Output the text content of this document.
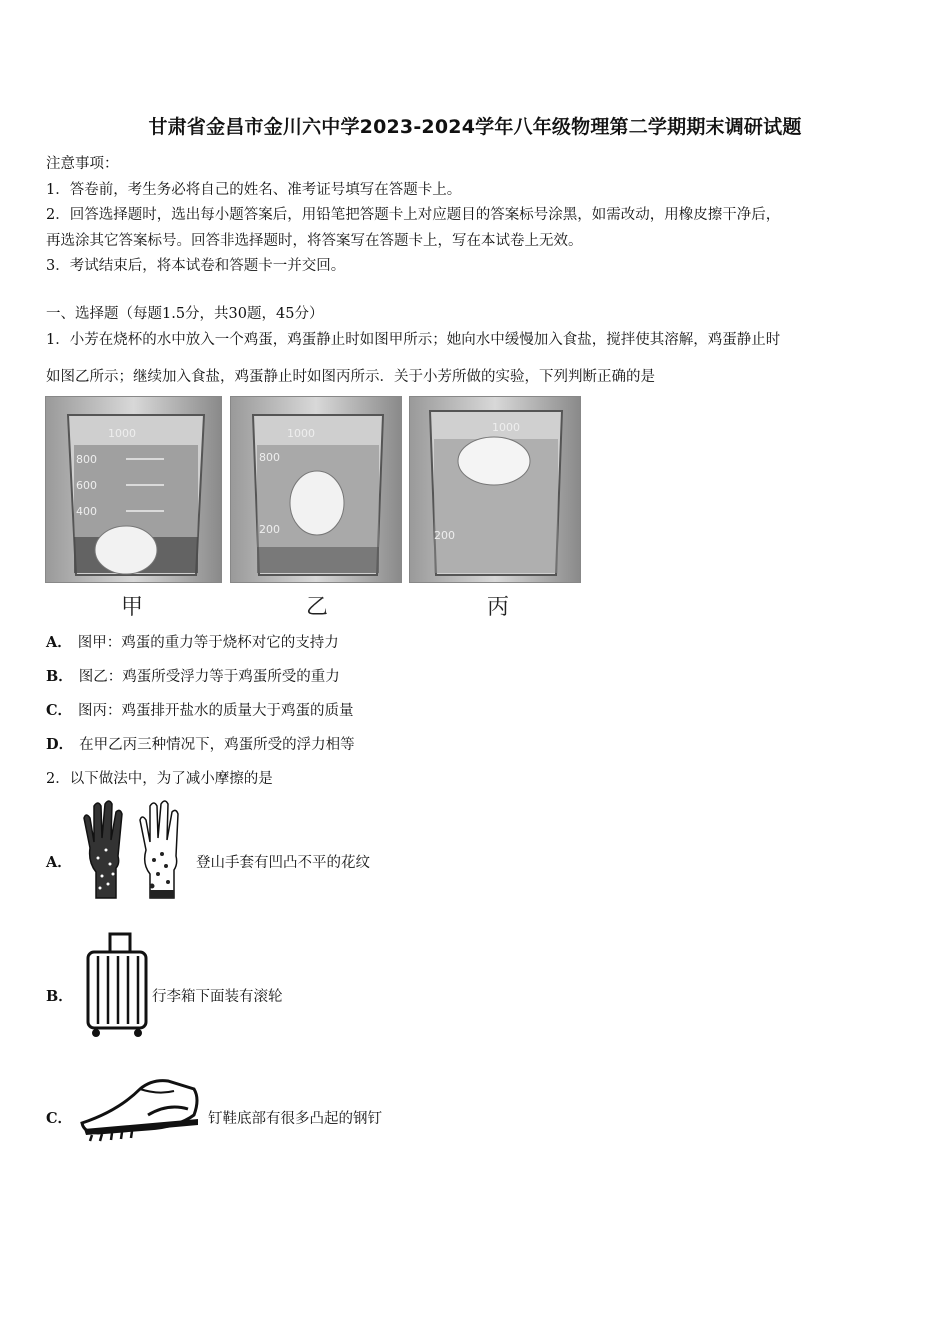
甘肃省金昌市金川六中学2023-2024学年八年级物理第二学期期末调研试题
注意事项：
1．答卷前，考生务必将自己的姓名、准考证号填写在答题卡上。
2．回答选择题时，选出每小题答案后，用铅笔把答题卡上对应题目的答案标号涂黑，如需改动，用橡皮擦干净后，
再选涂其它答案标号。回答非选择题时，将答案写在答题卡上，写在本试卷上无效。
3．考试结束后，将本试卷和答题卡一并交回。
一、选择题（每题1.5分，共30题，45分）
1．小芳在烧杯的水中放入一个鸡蛋，鸡蛋静止时如图甲所示；她向水中缓慢加入食盐，搅拌使其溶解，鸡蛋静止时
如图乙所示；继续加入食盐，鸡蛋静止时如图丙所示．关于小芳所做的实验，下列判断正确的是
1000
800
600
400
1000
800
200
1000
200
甲	乙	丙
A． 图甲：鸡蛋的重力等于烧杯对它的支持力
B． 图乙：鸡蛋所受浮力等于鸡蛋所受的重力
C． 图丙：鸡蛋排开盐水的质量大于鸡蛋的质量
D． 在甲乙丙三种情况下，鸡蛋所受的浮力相等
2．以下做法中，为了减小摩擦的是
A．	登山手套有凹凸不平的花纹
B．	行李箱下面装有滚轮
C．	钉鞋底部有很多凸起的钢钉
